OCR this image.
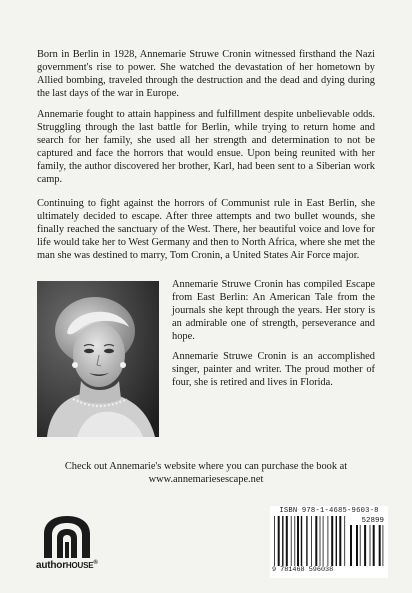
Born in Berlin in 1928, Annemarie Struwe Cronin witnessed firsthand the Nazi government's rise to power. She watched the devastation of her hometown by Allied bombing, traveled through the destruction and the dead and dying during the last days of the war in Europe.

Annemarie fought to attain happiness and fulfillment despite unbelievable odds. Struggling through the last battle for Berlin, while trying to return home and search for her family, she used all her strength and determination to not be captured and face the horrors that would ensue. Upon being reunited with her family, the author discovered her brother, Karl, had been sent to a Siberian work camp.

Continuing to fight against the horrors of Communist rule in East Berlin, she ultimately decided to escape. After three attempts and two bullet wounds, she finally reached the sanctuary of the West. There, her beautiful voice and love for life would take her to West Germany and then to North Africa, where she met the man she was destined to marry, Tom Cronin, a United States Air Force major.

Annemarie Struwe Cronin has compiled Escape from East Berlin: An American Tale from the journals she kept through the years. Her story is an admirable one of strength, perseverance and hope.

Annemarie Struwe Cronin is an accomplished singer, painter and writer. The proud mother of four, she is retired and lives in Florida.

Check out Annemarie's website where you can purchase the book at
www.annemariesescape.net
authorHOUSE®
ISBN 978-1-4685-9603-8
52899
9 781468 596038
